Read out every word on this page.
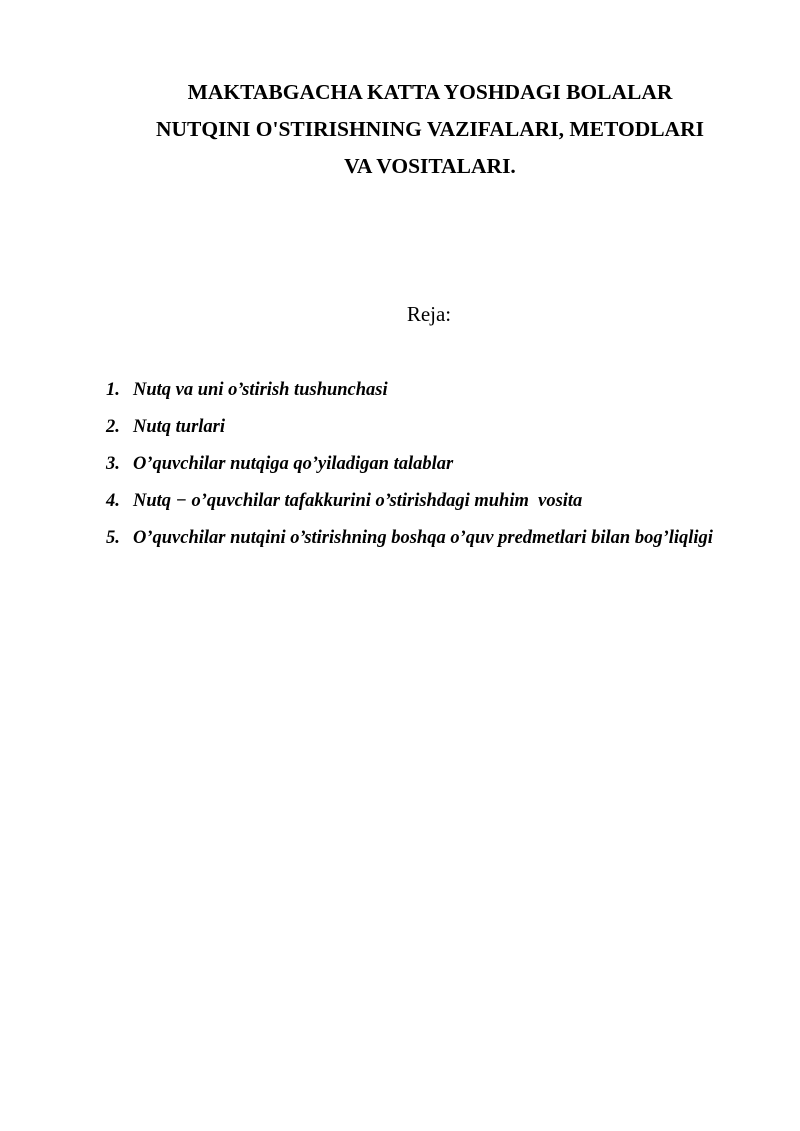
MAKTABGACHA KATTA YOSHDAGI BOLALAR
NUTQINI O'STIRISHNING VAZIFALARI, METODLARI
VA VOSITALARI.

Reja:

1. Nutq va uni o’stirish tushunchasi
2. Nutq turlari
3. O’quvchilar nutqiga qo’yiladigan talablar
4. Nutq − o’quvchilar tafakkurini o’stirishdagi muhim  vosita
5. O’quvchilar nutqini o’stirishning boshqa o’quv predmetlari bilan bog’liqligi
